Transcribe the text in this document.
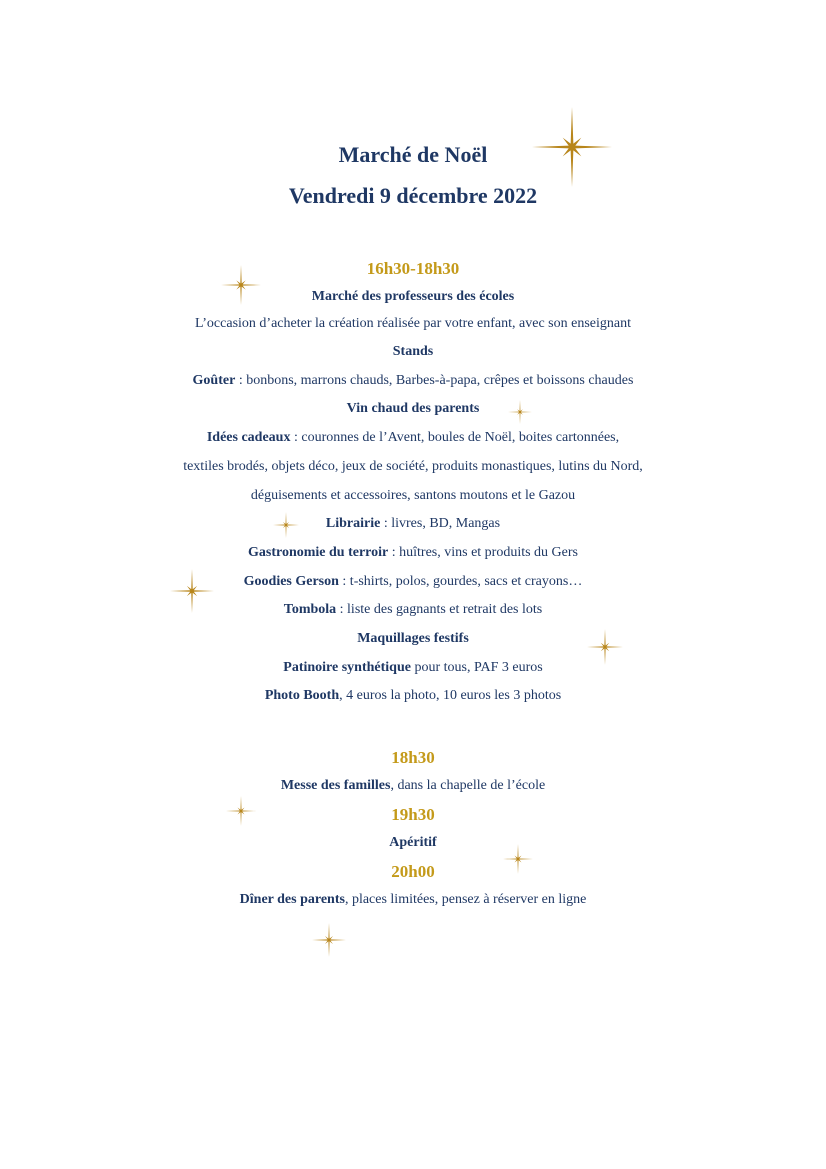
Marché de Noël
Vendredi 9 décembre 2022
16h30-18h30
Marché des professeurs des écoles
L’occasion d’acheter la création réalisée par votre enfant, avec son enseignant
Stands
Goûter : bonbons, marrons chauds, Barbes-à-papa, crêpes et boissons chaudes
Vin chaud des parents
Idées cadeaux : couronnes de l’Avent, boules de Noël, boites cartonnées,
textiles brodés, objets déco, jeux de société, produits monastiques, lutins du Nord,
déguisements et accessoires, santons moutons et le Gazou
Librairie : livres, BD, Mangas
Gastronomie du terroir : huîtres, vins et produits du Gers
Goodies Gerson : t-shirts, polos, gourdes, sacs et crayons…
Tombola : liste des gagnants et retrait des lots
Maquillages festifs
Patinoire synthétique pour tous, PAF 3 euros
Photo Booth, 4 euros la photo, 10 euros les 3 photos
18h30
Messe des familles, dans la chapelle de l’école
19h30
Apéritif
20h00
Dîner des parents, places limitées, pensez à réserver en ligne
